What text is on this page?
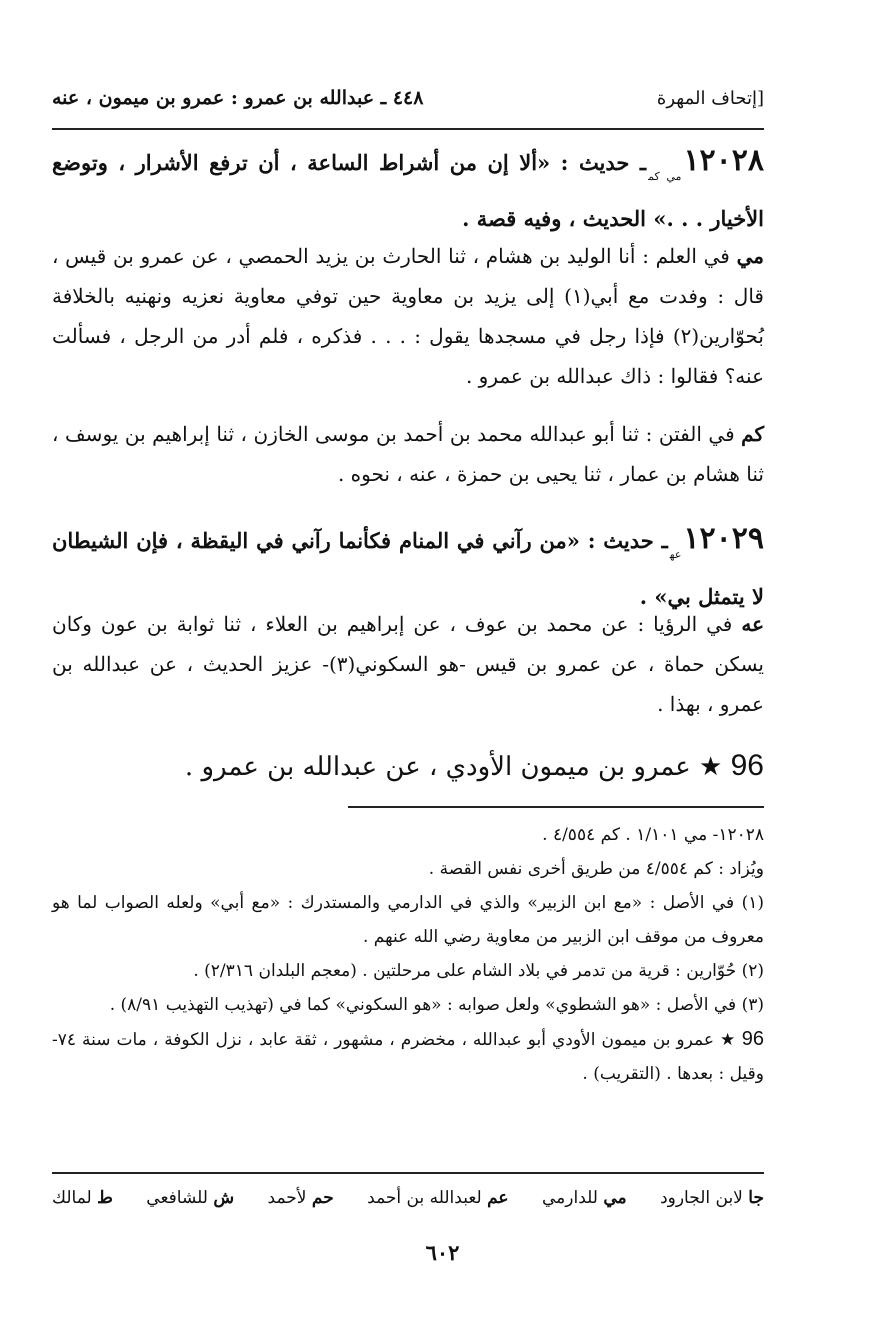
٤٤٨ ـ عبدالله بن عمرو : عمرو بن ميمون ، عنه	[إتحاف المهرة
$١٢٠٢٨_{مي كم}ـ$ حديث : «ألا إن من أشراط الساعة ، أن ترفع الأشرار ، وتوضع الأخيار . . .» الحديث ، وفيه قصة .
مي في العلم : أنا الوليد بن هشام ، ثنا الحارث بن يزيد الحمصي ، عن عمرو بن قيس ، قال : وفدت مع أبي(١) إلى يزيد بن معاوية حين توفي معاوية نعزيه ونهنيه بالخلافة بُحوّارين(٢) فإذا رجل في مسجدها يقول : . . . فذكره ، فلم أدر من الرجل ، فسألت عنه؟ فقالوا : ذاك عبدالله بن عمرو .
كم في الفتن : ثنا أبو عبدالله محمد بن أحمد بن موسى الخازن ، ثنا إبراهيم بن يوسف ، ثنا هشام بن عمار ، ثنا يحيى بن حمزة ، عنه ، نحوه .
$١٢٠٢٩_{عه}ـ$ حديث : «من رآني في المنام فكأنما رآني في اليقظة ، فإن الشيطان لا يتمثل بي» .
عه في الرؤيا : عن محمد بن عوف ، عن إبراهيم بن العلاء ، ثنا ثوابة بن عون وكان يسكن حماة ، عن عمرو بن قيس -هو السكوني(٣)- عزيز الحديث ، عن عبدالله بن عمرو ، بهذا .
96 ★ عمرو بن ميمون الأودي ، عن عبدالله بن عمرو .
١٢٠٢٨- مي ١/١٠١ . كم ٤/٥٥٤ .
ويُزاد : كم ٤/٥٥٤ من طريق أخرى نفس القصة .
(١) في الأصل : «مع ابن الزبير» والذي في الدارمي والمستدرك : «مع أبي» ولعله الصواب لما هو معروف من موقف ابن الزبير من معاوية رضي الله عنهم .
(٢) حُوّارين : قرية من تدمر في بلاد الشام على مرحلتين . (معجم البلدان ٢/٣١٦) .
(٣) في الأصل : «هو الشطوي» ولعل صوابه : «هو السكوني» كما في (تهذيب التهذيب ٨/٩١) .
96 ★ عمرو بن ميمون الأودي أبو عبدالله ، مخضرم ، مشهور ، ثقة عابد ، نزل الكوفة ، مات سنة ٧٤- وقيل : بعدها . (التقريب) .
ط لمالك	ش للشافعي	حم لأحمد	عم لعبدالله بن أحمد	مي للدارمي	جا لابن الجارود
٦٠٢
